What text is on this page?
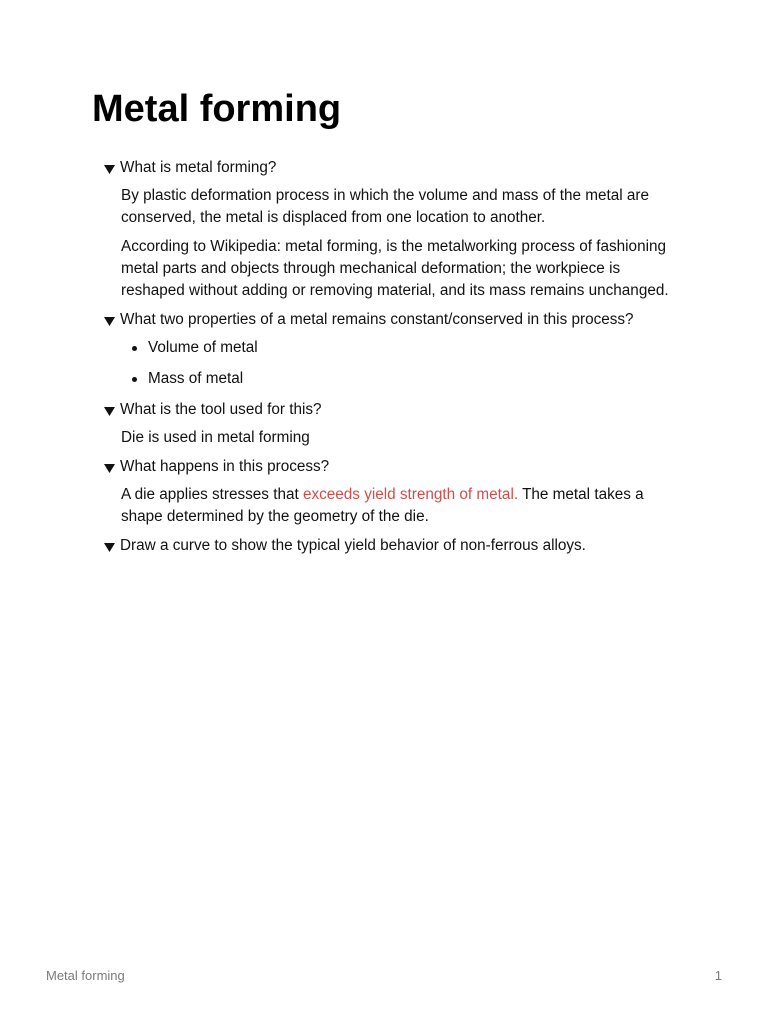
Metal forming
What is metal forming?

By plastic deformation process in which the volume and mass of the metal are conserved, the metal is displaced from one location to another.

According to Wikipedia: metal forming, is the metalworking process of fashioning metal parts and objects through mechanical deformation; the workpiece is reshaped without adding or removing material, and its mass remains unchanged.

What two properties of a metal remains constant/conserved in this process?
Volume of metal
Mass of metal
What is the tool used for this?

Die is used in metal forming

What happens in this process?

A die applies stresses that exceeds yield strength of metal. The metal takes a shape determined by the geometry of the die.

Draw a curve to show the typical yield behavior of non-ferrous alloys.
Metal forming	1
